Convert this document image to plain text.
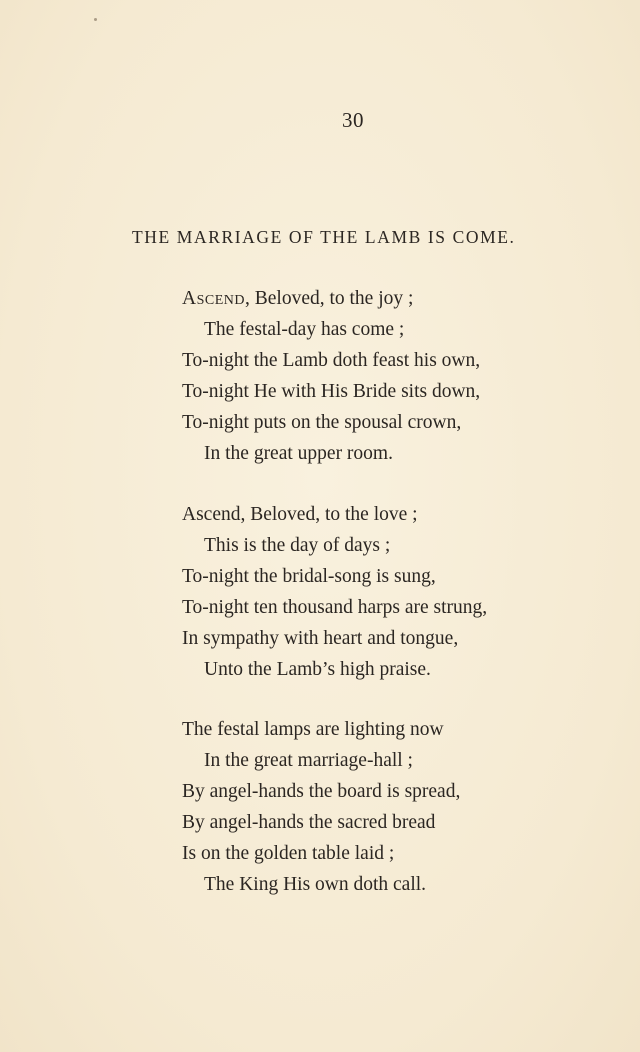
30
THE MARRIAGE OF THE LAMB IS COME.
Ascend, Beloved, to the joy ;
The festal-day has come ;
To-night the Lamb doth feast his own,
To-night He with His Bride sits down,
To-night puts on the spousal crown,
In the great upper room.
Ascend, Beloved, to the love ;
This is the day of days ;
To-night the bridal-song is sung,
To-night ten thousand harps are strung,
In sympathy with heart and tongue,
Unto the Lamb’s high praise.
The festal lamps are lighting now
In the great marriage-hall ;
By angel-hands the board is spread,
By angel-hands the sacred bread
Is on the golden table laid ;
The King His own doth call.
